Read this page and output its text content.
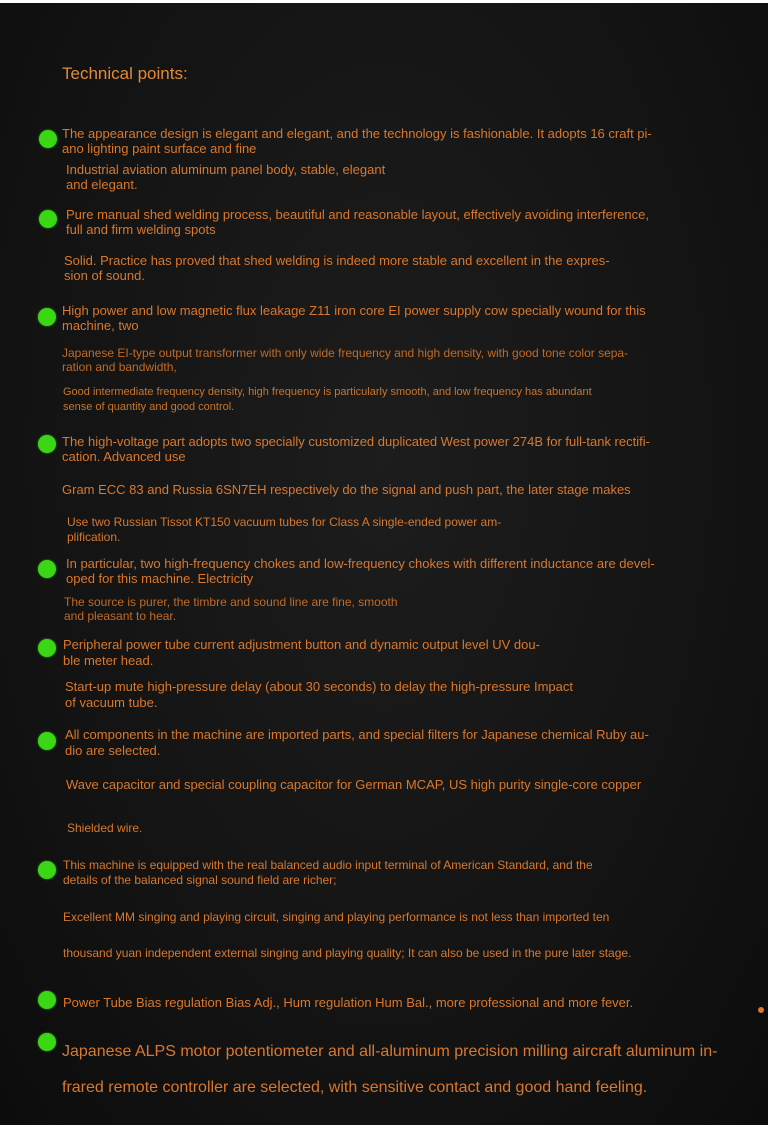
Technical points:
The appearance design is elegant and elegant, and the technology is fashionable. It adopts 16 craft pi-
ano lighting paint surface and fine
Industrial aviation aluminum panel body, stable, elegant
and elegant.
Pure manual shed welding process, beautiful and reasonable layout, effectively avoiding interference,
full and firm welding spots
Solid. Practice has proved that shed welding is indeed more stable and excellent in the expres-
sion of sound.
High power and low magnetic flux leakage Z11 iron core EI power supply cow specially wound for this
machine, two
Japanese EI-type output transformer with only wide frequency and high density, with good tone color sepa-
ration and bandwidth,
Good intermediate frequency density, high frequency is particularly smooth, and low frequency has abundant
sense of quantity and good control.
The high-voltage part adopts two specially customized duplicated West power 274B for full-tank rectifi-
cation. Advanced use
Gram ECC 83 and Russia 6SN7EH respectively do the signal and push part, the later stage makes
Use two Russian Tissot KT150 vacuum tubes for Class A single-ended power am-
plification.
In particular, two high-frequency chokes and low-frequency chokes with different inductance are devel-
oped for this machine. Electricity
The source is purer, the timbre and sound line are fine, smooth
and pleasant to hear.
Peripheral power tube current adjustment button and dynamic output level UV dou-
ble meter head.
Start-up mute high-pressure delay (about 30 seconds) to delay the high-pressure Impact
of vacuum tube.
All components in the machine are imported parts, and special filters for Japanese chemical Ruby au-
dio are selected.
Wave capacitor and special coupling capacitor for German MCAP, US high purity single-core copper
Shielded wire.
This machine is equipped with the real balanced audio input terminal of American Standard, and the
details of the balanced signal sound field are richer;
Excellent MM singing and playing circuit, singing and playing performance is not less than imported ten
thousand yuan independent external singing and playing quality; It can also be used in the pure later stage.
Power Tube Bias regulation Bias Adj., Hum regulation Hum Bal., more professional and more fever.
Japanese ALPS motor potentiometer and all-aluminum precision milling aircraft aluminum in-
frared remote controller are selected, with sensitive contact and good hand feeling.
